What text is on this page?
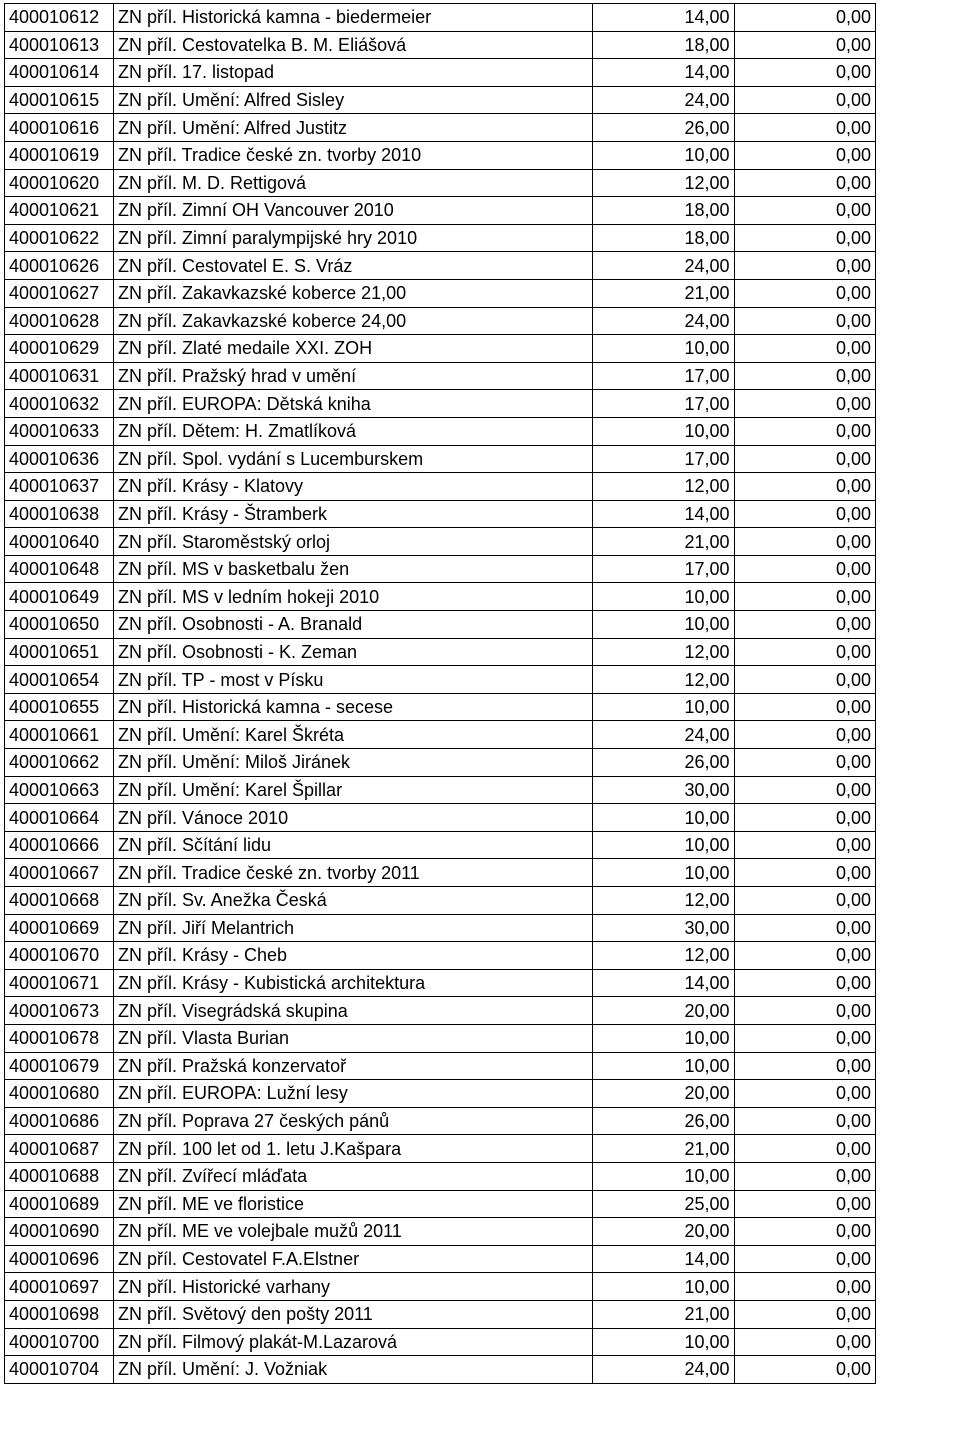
400010612	ZN příl. Historická kamna - biedermeier	14,00	0,00
400010613	ZN příl. Cestovatelka B. M. Eliášová	18,00	0,00
400010614	ZN příl. 17. listopad	14,00	0,00
400010615	ZN příl. Umění: Alfred Sisley	24,00	0,00
400010616	ZN příl. Umění: Alfred Justitz	26,00	0,00
400010619	ZN příl. Tradice české zn. tvorby 2010	10,00	0,00
400010620	ZN příl. M. D. Rettigová	12,00	0,00
400010621	ZN příl. Zimní OH Vancouver 2010	18,00	0,00
400010622	ZN příl. Zimní paralympijské hry 2010	18,00	0,00
400010626	ZN příl. Cestovatel E. S. Vráz	24,00	0,00
400010627	ZN příl. Zakavkazské koberce 21,00	21,00	0,00
400010628	ZN příl. Zakavkazské koberce 24,00	24,00	0,00
400010629	ZN příl. Zlaté medaile XXI. ZOH	10,00	0,00
400010631	ZN příl. Pražský hrad v umění	17,00	0,00
400010632	ZN příl. EUROPA: Dětská kniha	17,00	0,00
400010633	ZN příl. Dětem: H. Zmatlíková	10,00	0,00
400010636	ZN příl. Spol. vydání s Lucemburskem	17,00	0,00
400010637	ZN příl. Krásy - Klatovy	12,00	0,00
400010638	ZN příl. Krásy - Štramberk	14,00	0,00
400010640	ZN příl. Staroměstský orloj	21,00	0,00
400010648	ZN příl. MS v basketbalu žen	17,00	0,00
400010649	ZN příl. MS v ledním hokeji 2010	10,00	0,00
400010650	ZN příl. Osobnosti - A. Branald	10,00	0,00
400010651	ZN příl. Osobnosti - K. Zeman	12,00	0,00
400010654	ZN příl. TP - most v Písku	12,00	0,00
400010655	ZN příl. Historická kamna - secese	10,00	0,00
400010661	ZN příl. Umění: Karel Škréta	24,00	0,00
400010662	ZN příl. Umění: Miloš Jiránek	26,00	0,00
400010663	ZN příl. Umění: Karel Špillar	30,00	0,00
400010664	ZN příl. Vánoce 2010	10,00	0,00
400010666	ZN příl. Sčítání lidu	10,00	0,00
400010667	ZN příl. Tradice české zn. tvorby 2011	10,00	0,00
400010668	ZN příl. Sv. Anežka Česká	12,00	0,00
400010669	ZN příl. Jiří Melantrich	30,00	0,00
400010670	ZN příl. Krásy - Cheb	12,00	0,00
400010671	ZN příl. Krásy - Kubistická architektura	14,00	0,00
400010673	ZN příl. Visegrádská skupina	20,00	0,00
400010678	ZN příl. Vlasta Burian	10,00	0,00
400010679	ZN příl. Pražská konzervatoř	10,00	0,00
400010680	ZN příl. EUROPA: Lužní lesy	20,00	0,00
400010686	ZN příl. Poprava 27 českých pánů	26,00	0,00
400010687	ZN příl. 100 let od 1. letu J.Kašpara	21,00	0,00
400010688	ZN příl. Zvířecí mláďata	10,00	0,00
400010689	ZN příl. ME ve floristice	25,00	0,00
400010690	ZN příl. ME ve volejbale mužů 2011	20,00	0,00
400010696	ZN příl. Cestovatel F.A.Elstner	14,00	0,00
400010697	ZN příl. Historické varhany	10,00	0,00
400010698	ZN příl. Světový den pošty 2011	21,00	0,00
400010700	ZN příl. Filmový plakát-M.Lazarová	10,00	0,00
400010704	ZN příl. Umění: J. Vožniak	24,00	0,00
